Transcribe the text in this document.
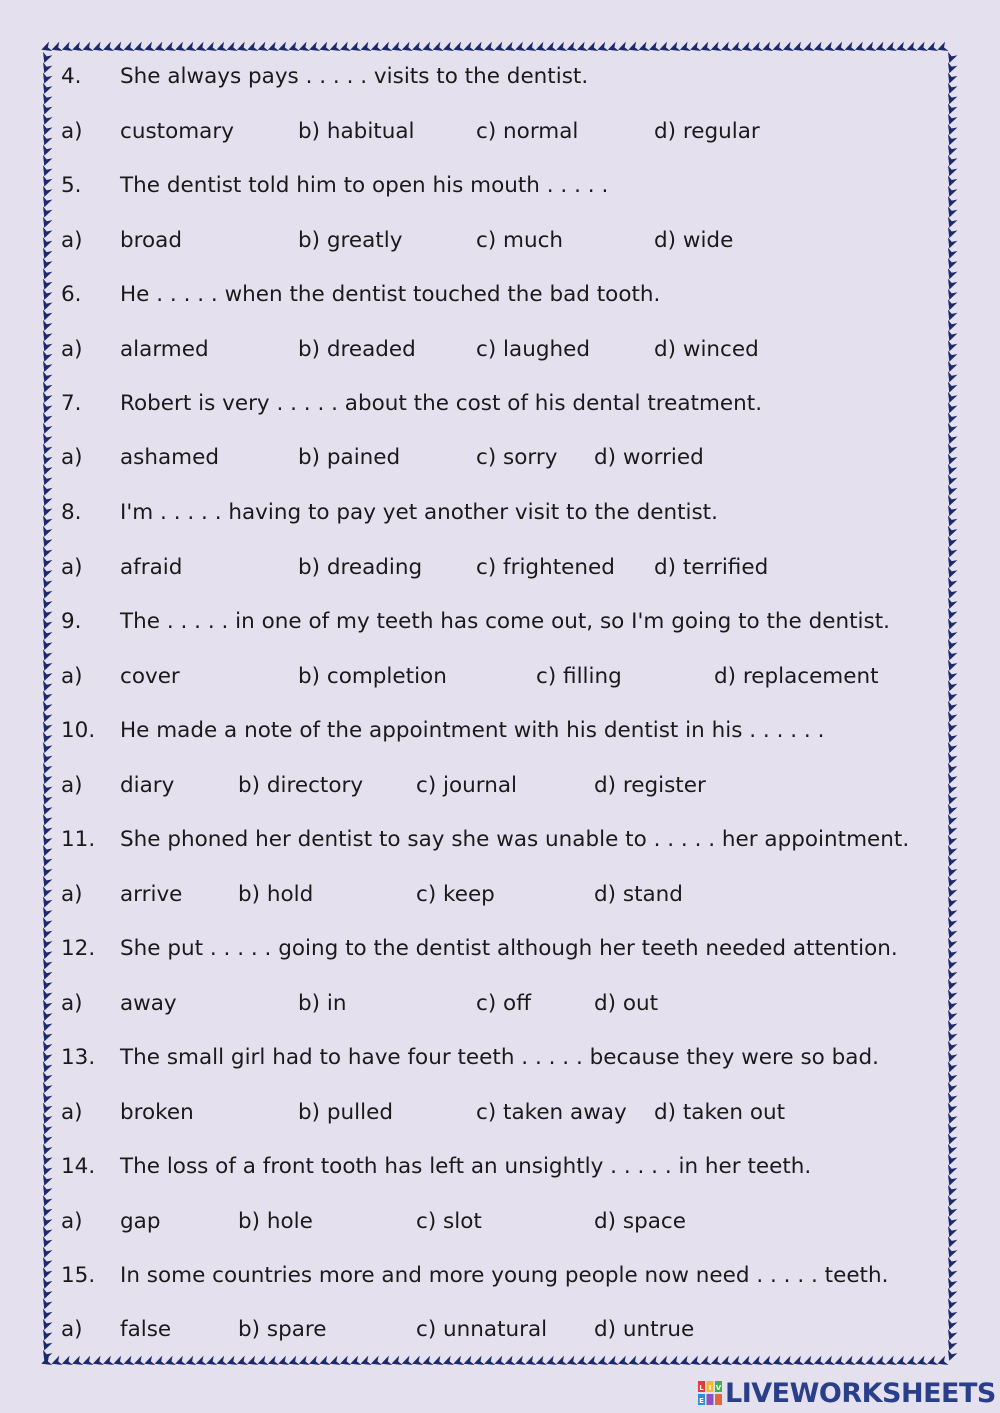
4. She always pays . . . . . visits to the dentist.
a) customary	b) habitual	c) normal	d) regular
5. The dentist told him to open his mouth . . . . .
a) broad	b) greatly	c) much	d) wide
6. He . . . . . when the dentist touched the bad tooth.
a) alarmed	b) dreaded	c) laughed	d) winced
7. Robert is very . . . . . about the cost of his dental treatment.
a) ashamed	b) pained	c) sorry d) worried
8. I'm . . . . . having to pay yet another visit to the dentist.
a) afraid	b) dreading	c) frightened d) terrified
9. The . . . . . in one of my teeth has come out, so I'm going to the dentist.
a) cover	b) completion	c) filling	d) replacement
10. He made a note of the appointment with his dentist in his . . . . . .
a) diary	b) directory c) journal	d) register
11. She phoned her dentist to say she was unable to . . . . . her appointment.
a) arrive	b) hold	c) keep	d) stand
12. She put . . . . . going to the dentist although her teeth needed attention.
a) away	b) in	c) off	d) out
13. The small girl had to have four teeth . . . . . because they were so bad.
a) broken	b) pulled	c) taken away d) taken out
14. The loss of a front tooth has left an unsightly . . . . . in her teeth.
a) gap	b) hole	c) slot	d) space
15. In some countries more and more young people now need . . . . . teeth.
a) false	b) spare	c) unnatural d) untrue
L I V
E LIVEWORKSHEETS
